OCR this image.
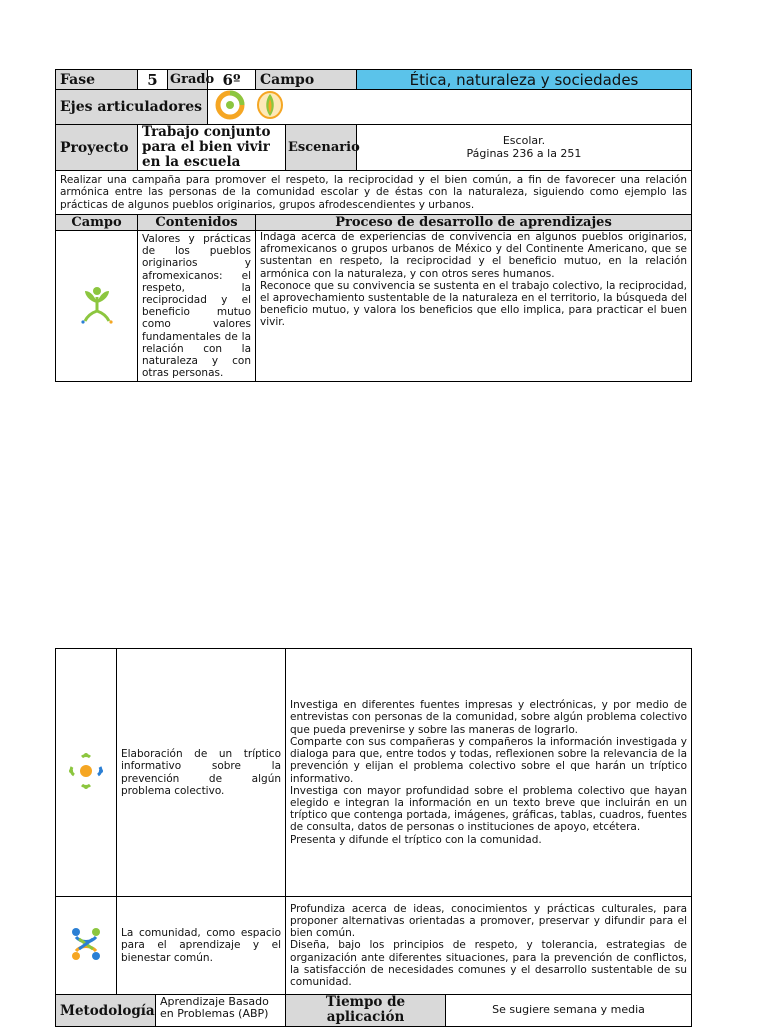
Fase	5	Grado	6º	Campo		Ética, naturaleza y sociedades
Ejes articuladores	
Proyecto	Trabajo conjunto para el bien vivir en la escuela				Escenario	Escolar.
Páginas 236 a la 251

Realizar una campaña para promover el respeto, la reciprocidad y el bien común, a fin de favorecer una relación armónica entre las personas de la comunidad escolar y de éstas con la naturaleza, siguiendo como ejemplo las prácticas de algunos pueblos originarios, grupos afrodescendientes y urbanos.						
Campo	Contenidos			Proceso de desarrollo de aprendizajes		
	Valores y prácticas de los pueblos originarios y afromexicanos: el respeto, la reciprocidad y el beneficio mutuo como valores fundamentales de la relación con la naturaleza y con otras personas.			Indaga acerca de experiencias de convivencia en algunos pueblos originarios, afromexicanos o grupos urbanos de México y del Continente Americano, que se sustentan en respeto, la reciprocidad y el beneficio mutuo, en la relación armónica con la naturaleza, y con otros seres humanos.

Reconoce que su convivencia se sustenta en el trabajo colectivo, la reciprocidad, el aprovechamiento sustentable de la naturaleza en el territorio, la búsqueda del beneficio mutuo, y valora los beneficios que ello implica, para practicar el buen vivir.		

	Elaboración de un tríptico informativo sobre la prevención de algún problema colectivo.		Investiga en diferentes fuentes impresas y electrónicas, y por medio de entrevistas con personas de la comunidad, sobre algún problema colectivo que pueda prevenirse y sobre las maneras de lograrlo.

Comparte con sus compañeras y compañeros la información investigada y dialoga para que, entre todos y todas, reflexionen sobre la relevancia de la prevención y elijan el problema colectivo sobre el que harán un tríptico informativo.

Investiga con mayor profundidad sobre el problema colectivo que hayan elegido e integran la información en un texto breve que incluirán en un tríptico que contenga portada, imágenes, gráficas, tablas, cuadros, fuentes de consulta, datos de personas o instituciones de apoyo, etcétera.

Presenta y difunde el tríptico con la comunidad.	

	La comunidad, como espacio para el aprendizaje y el bienestar común.		Profundiza acerca de ideas, conocimientos y prácticas culturales, para proponer alternativas orientadas a promover, preservar y difundir para el bien común.

Diseña, bajo los principios de respeto, y tolerancia, estrategias de organización ante diferentes situaciones, para la prevención de conflictos, la satisfacción de necesidades comunes y el desarrollo sustentable de su comunidad.	

Metodología		Aprendizaje Basado en Problemas (ABP)	Tiempo de aplicación	Se sugiere semana y media
